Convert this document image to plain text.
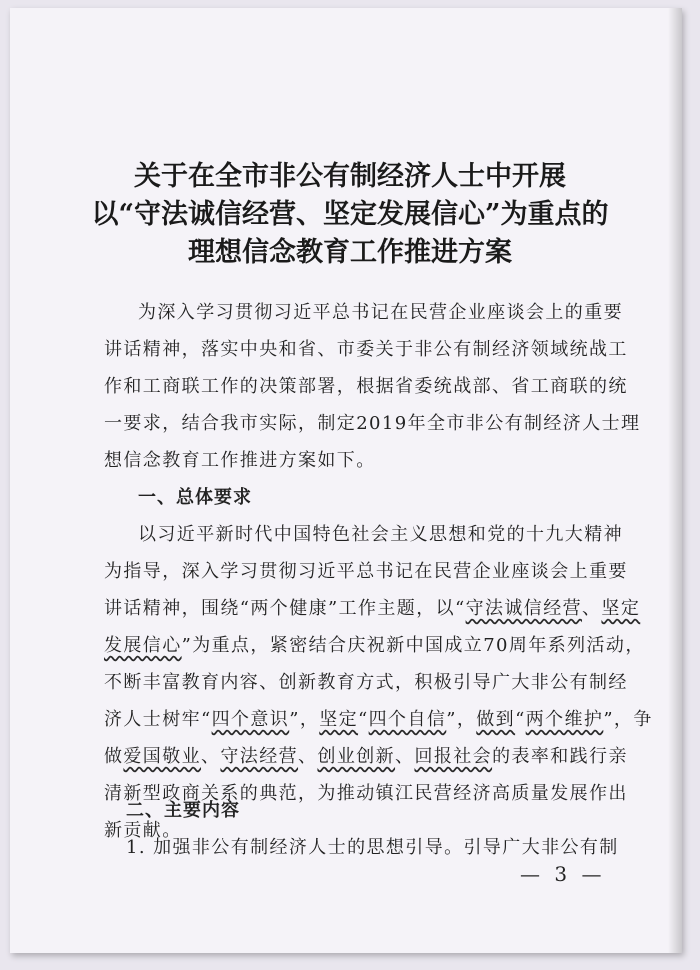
关于在全市非公有制经济人士中开展
以“守法诚信经营、坚定发展信心”为重点的
理想信念教育工作推进方案
为深入学习贯彻习近平总书记在民营企业座谈会上的重要
讲话精神，落实中央和省、市委关于非公有制经济领域统战工
作和工商联工作的决策部署，根据省委统战部、省工商联的统
一要求，结合我市实际，制定2019年全市非公有制经济人士理
想信念教育工作推进方案如下。
一、总体要求
以习近平新时代中国特色社会主义思想和党的十九大精神
为指导，深入学习贯彻习近平总书记在民营企业座谈会上重要
讲话精神，围绕“两个健康”工作主题，以“守法诚信经营、坚定
发展信心”为重点，紧密结合庆祝新中国成立70周年系列活动，
不断丰富教育内容、创新教育方式，积极引导广大非公有制经
济人士树牢“四个意识”，坚定“四个自信”，做到“两个维护”，争
做爱国敬业、守法经营、创业创新、回报社会的表率和践行亲
清新型政商关系的典范，为推动镇江民营经济高质量发展作出
新贡献。
二、主要内容
1. 加强非公有制经济人士的思想引导。引导广大非公有制
— 3 —
